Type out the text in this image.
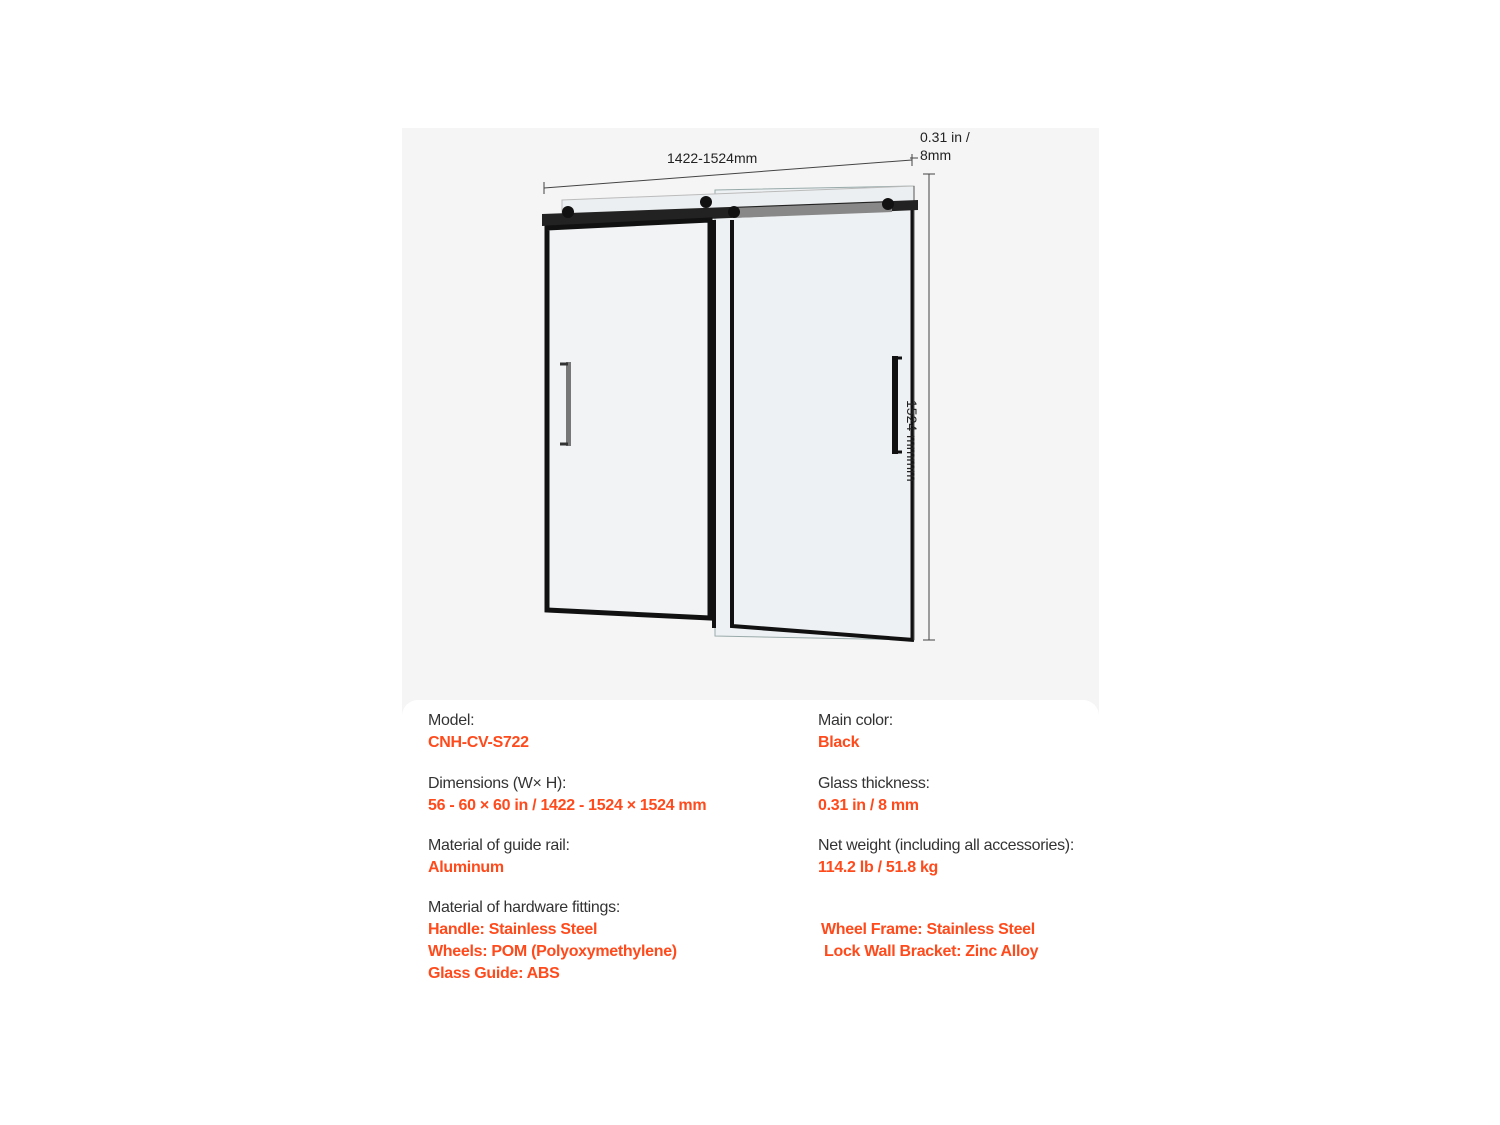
1422-1524mm
0.31 in /
8mm
1524 mmmm
Model:
CNH-CV-S722
Main color:
Black
Dimensions (W× H):
56 - 60 × 60 in / 1422 - 1524 × 1524 mm
Glass thickness:
0.31 in / 8 mm
Material of guide rail:
Aluminum
Net weight (including all accessories):
114.2 lb / 51.8 kg
Material of hardware fittings:
Handle: Stainless Steel
Wheels: POM (Polyoxymethylene)
Glass Guide: ABS
Wheel Frame: Stainless Steel
Lock Wall Bracket: Zinc Alloy
